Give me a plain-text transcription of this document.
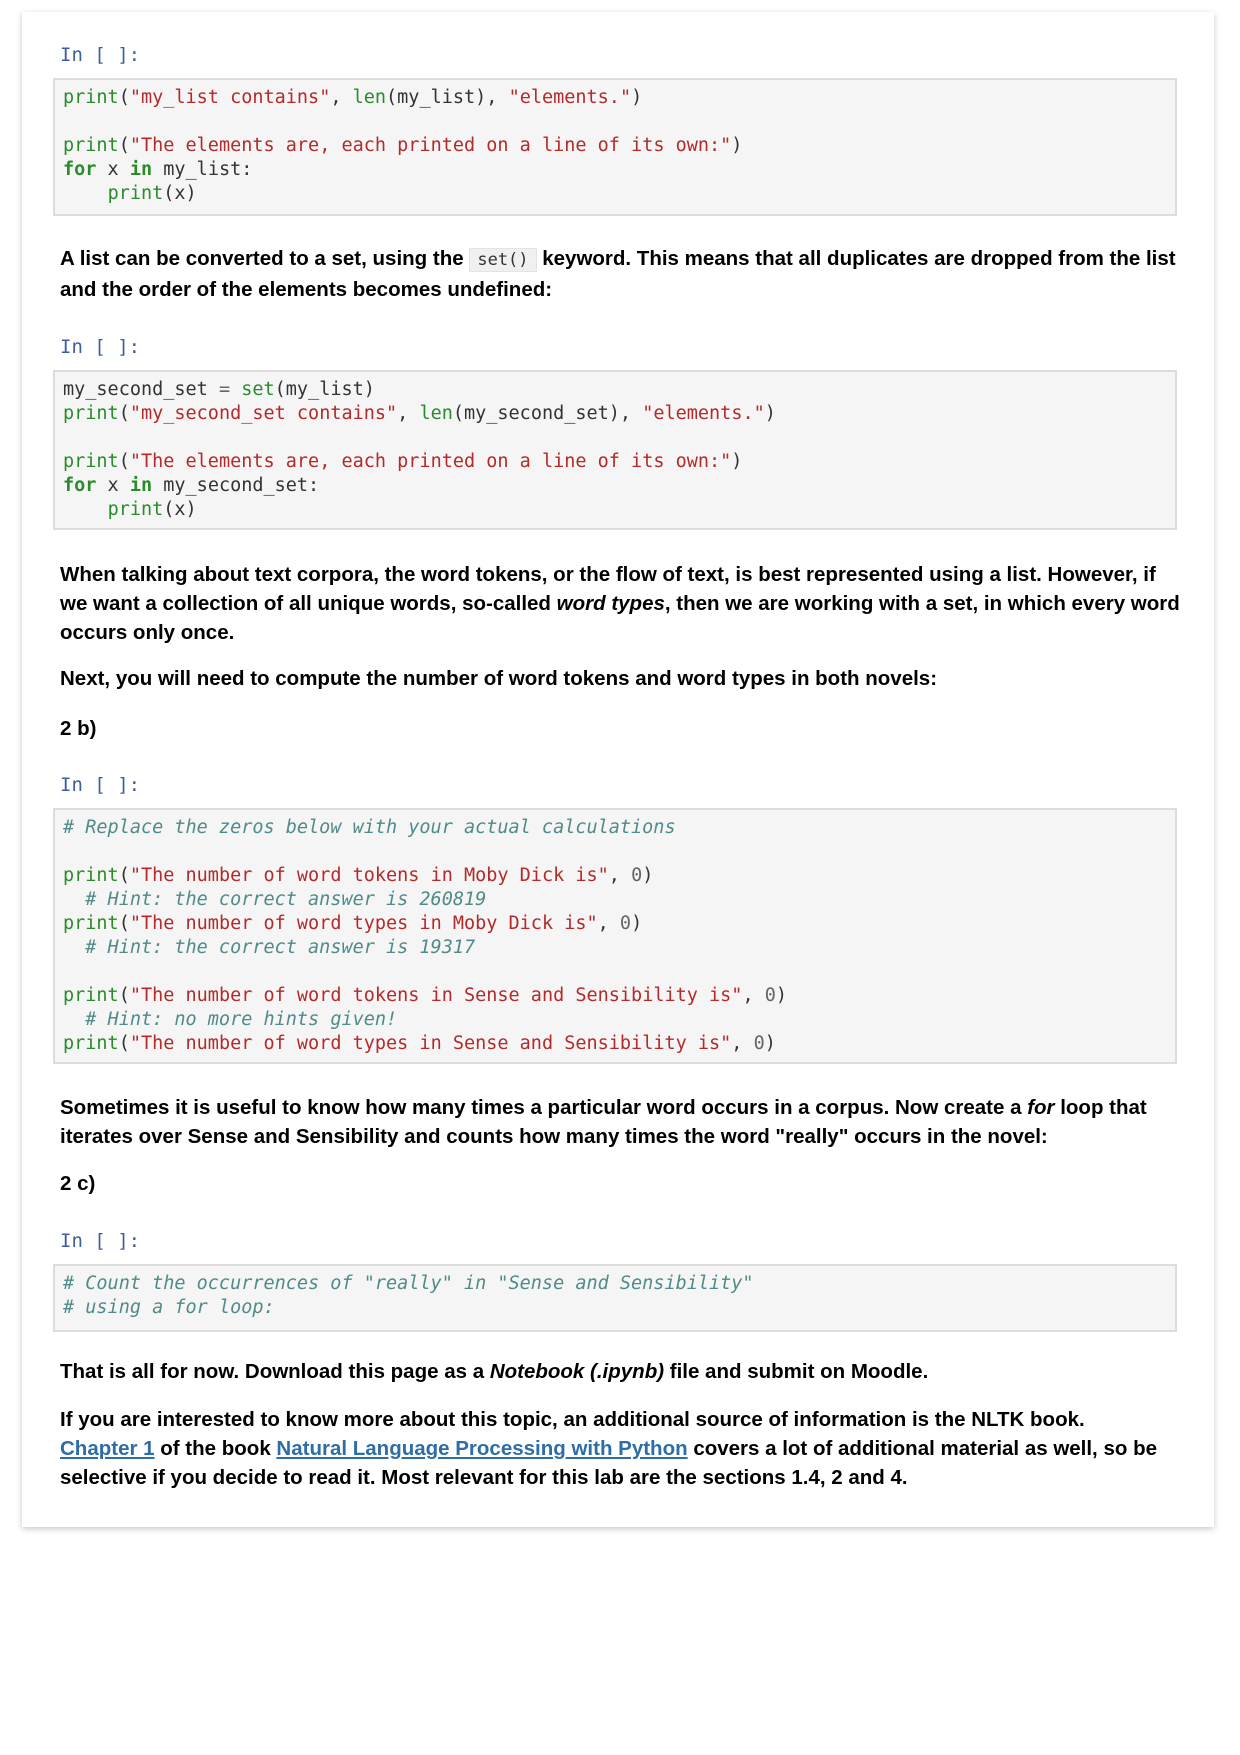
In [ ]:
print("my_list contains", len(my_list), "elements.")

print("The elements are, each printed on a line of its own:")
for x in my_list:
print(x)
A list can be converted to a set, using the set() keyword. This means that all duplicates are dropped from the list and the order of the elements becomes undefined:
In [ ]:
my_second_set = set(my_list)
print("my_second_set contains", len(my_second_set), "elements.")

print("The elements are, each printed on a line of its own:")
for x in my_second_set:
print(x)
When talking about text corpora, the word tokens, or the flow of text, is best represented using a list. However, if we want a collection of all unique words, so-called word types, then we are working with a set, in which every word occurs only once.
Next, you will need to compute the number of word tokens and word types in both novels:
2 b)
In [ ]:
# Replace the zeros below with your actual calculations

print("The number of word tokens in Moby Dick is", 0)
# Hint: the correct answer is 260819
print("The number of word types in Moby Dick is", 0)
# Hint: the correct answer is 19317

print("The number of word tokens in Sense and Sensibility is", 0)
# Hint: no more hints given!
print("The number of word types in Sense and Sensibility is", 0)
Sometimes it is useful to know how many times a particular word occurs in a corpus. Now create a for loop that iterates over Sense and Sensibility and counts how many times the word "really" occurs in the novel:
2 c)
In [ ]:
# Count the occurrences of "really" in "Sense and Sensibility"
# using a for loop:
That is all for now. Download this page as a Notebook (.ipynb) file and submit on Moodle.
If you are interested to know more about this topic, an additional source of information is the NLTK book.
Chapter 1 of the book Natural Language Processing with Python covers a lot of additional material as well, so be selective if you decide to read it. Most relevant for this lab are the sections 1.4, 2 and 4.
